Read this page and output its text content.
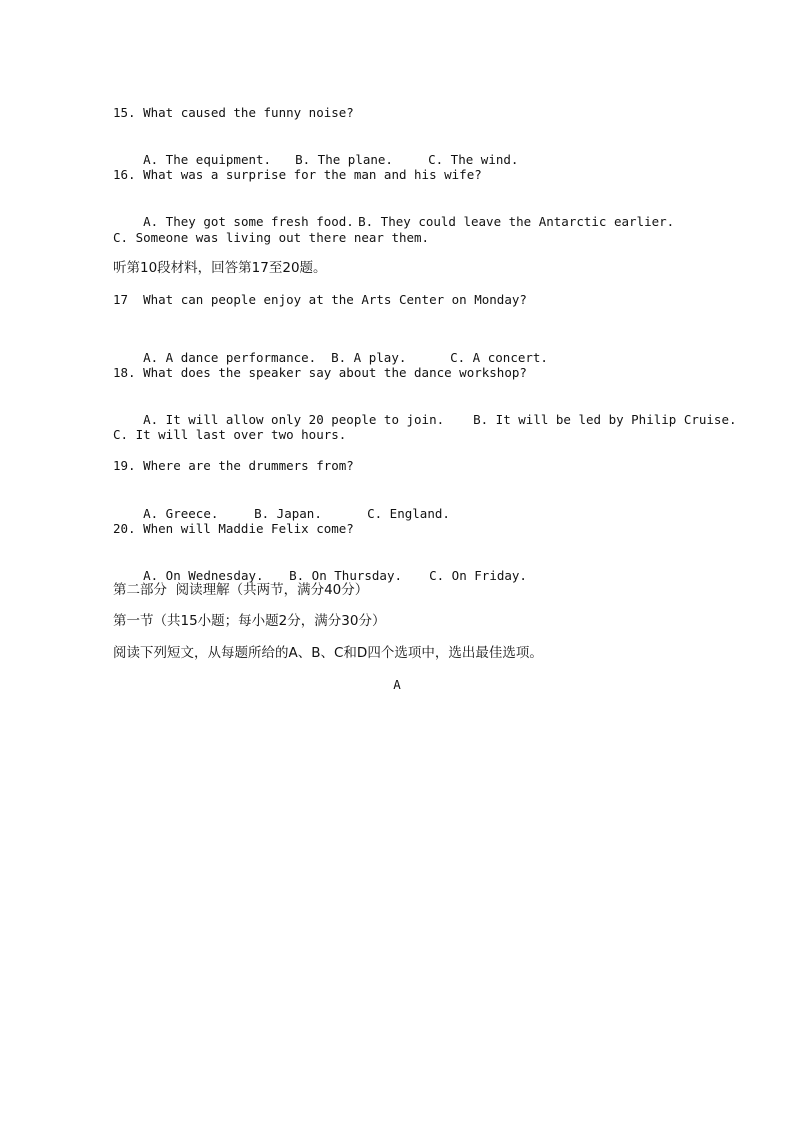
15. What caused the funny noise?

A. The equipment. B. The plane.	C. The wind.

16. What was a surprise for the man and his wife?

A. They got some fresh food. B. They could leave the Antarctic earlier.

C. Someone was living out there near them.
听第10段材料，回答第17至20题。
17  What can people enjoy at the Arts Center on Monday?

A. A dance performance. B. A play.	C. A concert.

18. What does the speaker say about the dance workshop?

A. It will allow only 20 people to join. B. It will be led by Philip Cruise.

C. It will last over two hours.
19. Where are the drummers from?

A. Greece.	B. Japan.	C. England.

20. When will Maddie Felix come?

A. On Wednesday. B. On Thursday. C. On Friday.

第二部分  阅读理解（共两节，满分40分）
第一节（共15小题；每小题2分，满分30分）
阅读下列短文，从每题所给的A、B、C和D四个选项中，选出最佳选项。
A
